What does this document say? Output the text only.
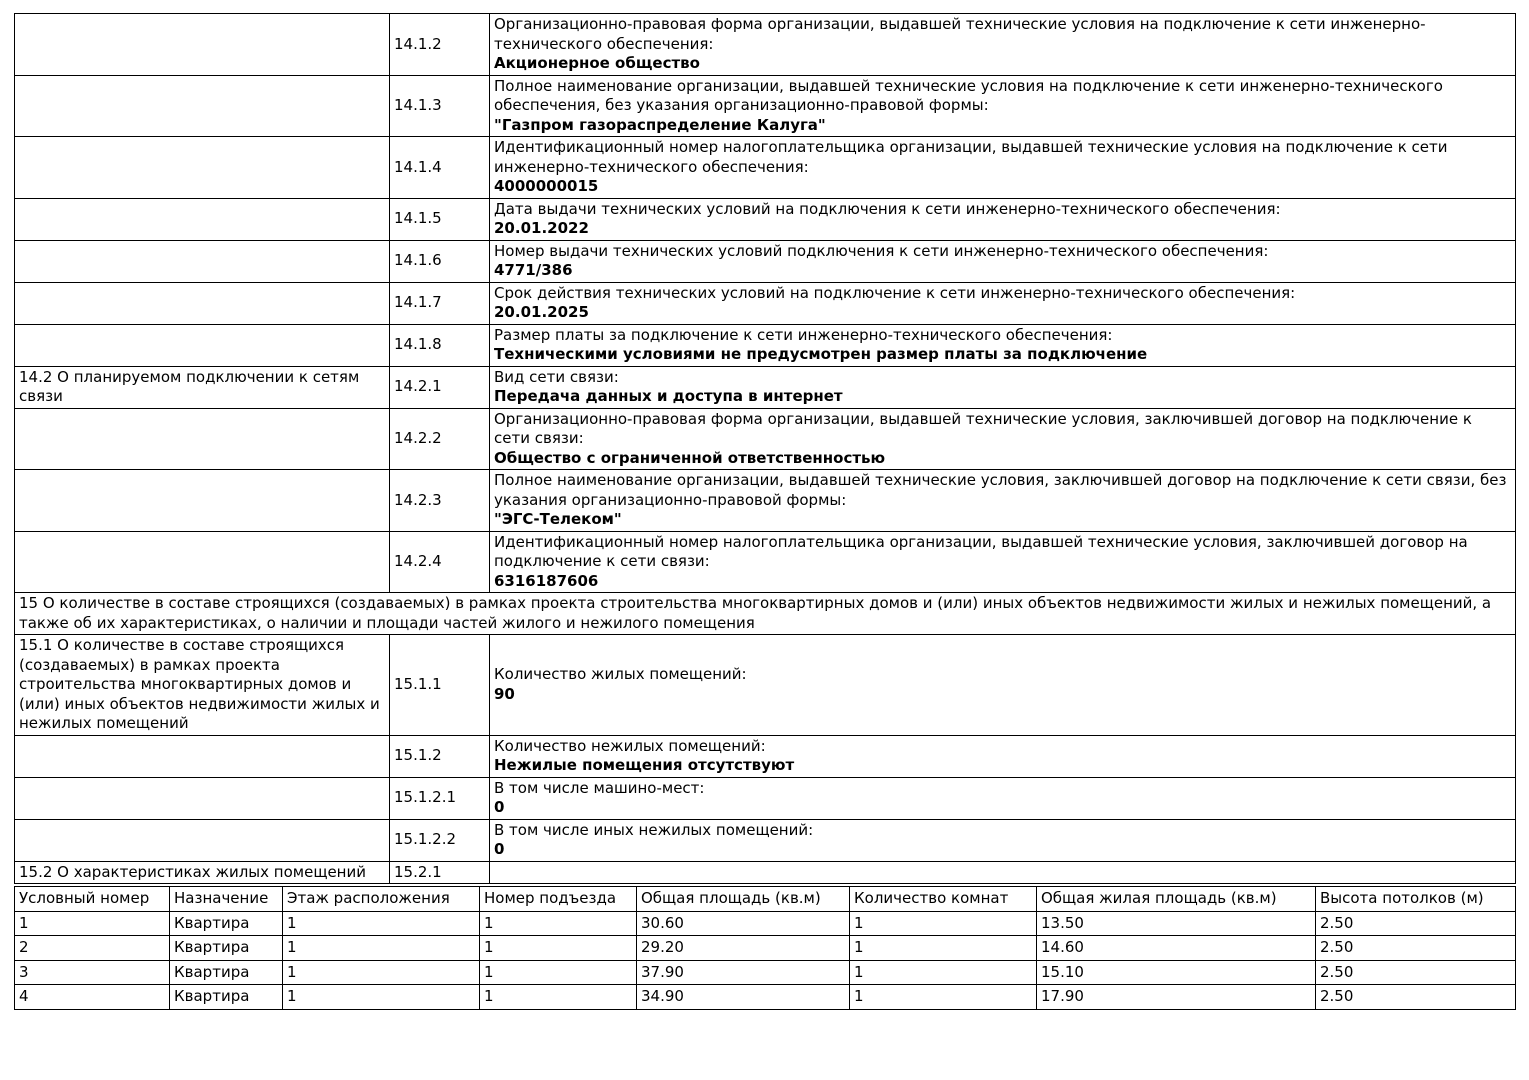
	14.1.2	Организационно-правовая форма организации, выдавшей технические условия на подключение к сети инженерно-технического обеспечения:
Акционерное общество

	14.1.3	Полное наименование организации, выдавшей технические условия на подключение к сети инженерно-технического обеспечения, без указания организационно-правовой формы:
"Газпром газораспределение Калуга"

	14.1.4	Идентификационный номер налогоплательщика организации, выдавшей технические условия на подключение к сети инженерно-технического обеспечения:
4000000015

	14.1.5	Дата выдачи технических условий на подключения к сети инженерно-технического обеспечения:
20.01.2022

	14.1.6	Номер выдачи технических условий подключения к сети инженерно-технического обеспечения:
4771/386

	14.1.7	Срок действия технических условий на подключение к сети инженерно-технического обеспечения:
20.01.2025

	14.1.8	Размер платы за подключение к сети инженерно-технического обеспечения:
Техническими условиями не предусмотрен размер платы за подключение

14.2 О планируемом подключении к сетям связи	14.2.1	Вид сети связи:
Передача данных и доступа в интернет

	14.2.2	Организационно-правовая форма организации, выдавшей технические условия, заключившей договор на подключение к сети связи:
Общество с ограниченной ответственностью

	14.2.3	Полное наименование организации, выдавшей технические условия, заключившей договор на подключение к сети связи, без указания организационно-правовой формы:
"ЭГС-Телеком"

	14.2.4	Идентификационный номер налогоплательщика организации, выдавшей технические условия, заключившей договор на подключение к сети связи:
6316187606

15 О количестве в составе строящихся (создаваемых) в рамках проекта строительства многоквартирных домов и (или) иных объектов недвижимости жилых и нежилых помещений, а также об их характеристиках, о наличии и площади частей жилого и нежилого помещения		
15.1 О количестве в составе строящихся (создаваемых) в рамках проекта строительства многоквартирных домов и (или) иных объектов недвижимости жилых и нежилых помещений	15.1.1	Количество жилых помещений:
90

	15.1.2	Количество нежилых помещений:
Нежилые помещения отсутствуют

	15.1.2.1	В том числе машино-мест:
0

	15.1.2.2	В том числе иных нежилых помещений:
0

15.2 О характеристиках жилых помещений	15.2.1	
Условный номер	Назначение	Этаж расположения	Номер подъезда	Общая площадь (кв.м)	Количество комнат	Общая жилая площадь (кв.м)	Высота потолков (м)
1	Квартира	1	1	30.60	1	13.50	2.50
2	Квартира	1	1	29.20	1	14.60	2.50
3	Квартира	1	1	37.90	1	15.10	2.50
4	Квартира	1	1	34.90	1	17.90	2.50
